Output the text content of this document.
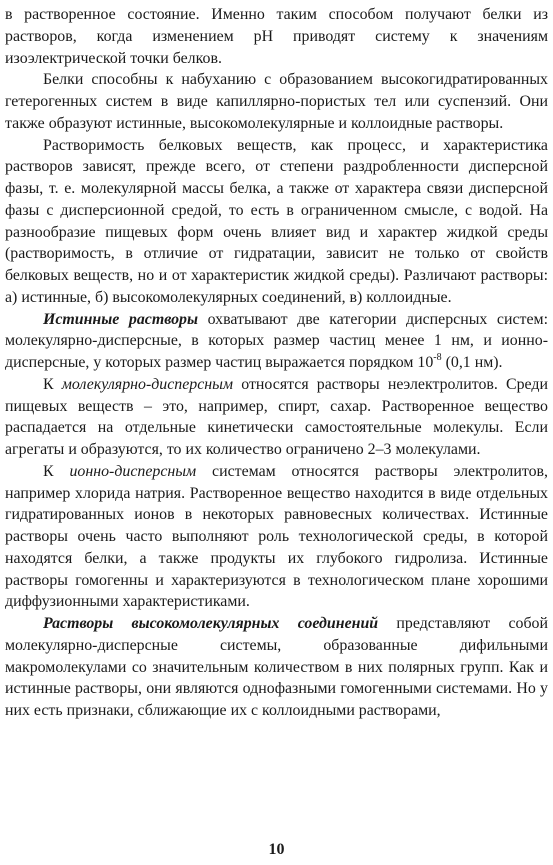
в растворенное состояние. Именно таким способом получают белки из растворов, когда изменением pH приводят систему к значениям изоэлектрической точки белков.

Белки способны к набуханию с образованием высокогидратированных гетерогенных систем в виде капиллярно-пористых тел или суспензий. Они также образуют истинные, высокомолекулярные и коллоидные растворы.

Растворимость белковых веществ, как процесс, и характеристика растворов зависят, прежде всего, от степени раздробленности дисперсной фазы, т. е. молекулярной массы белка, а также от характера связи дисперсной фазы с дисперсионной средой, то есть в ограниченном смысле, с водой. На разнообразие пищевых форм очень влияет вид и характер жидкой среды (растворимость, в отличие от гидратации, зависит не только от свойств белковых веществ, но и от характеристик жидкой среды). Различают растворы: а) истинные, б) высокомолекулярных соединений, в) коллоидные.

Истинные растворы охватывают две категории дисперсных систем: молекулярно-дисперсные, в которых размер частиц менее 1 нм, и ионно-дисперсные, у которых размер частиц выражается порядком $10^{-8}$ (0,1 нм).

К молекулярно-дисперсным относятся растворы неэлектролитов. Среди пищевых веществ – это, например, спирт, сахар. Растворенное вещество распадается на отдельные кинетически самостоятельные молекулы. Если агрегаты и образуются, то их количество ограничено 2–3 молекулами.

К ионно-дисперсным системам относятся растворы электролитов, например хлорида натрия. Растворенное вещество находится в виде отдельных гидратированных ионов в некоторых равновесных количествах. Истинные растворы очень часто выполняют роль технологической среды, в которой находятся белки, а также продукты их глубокого гидролиза. Истинные растворы гомогенны и характеризуются в технологическом плане хорошими диффузионными характеристиками.

Растворы высокомолекулярных соединений представляют собой молекулярно-дисперсные системы, образованные дифильными макромолекулами со значительным количеством в них полярных групп. Как и истинные растворы, они являются однофазными гомогенными системами. Но у них есть признаки, сближающие их с коллоидными растворами,

10
